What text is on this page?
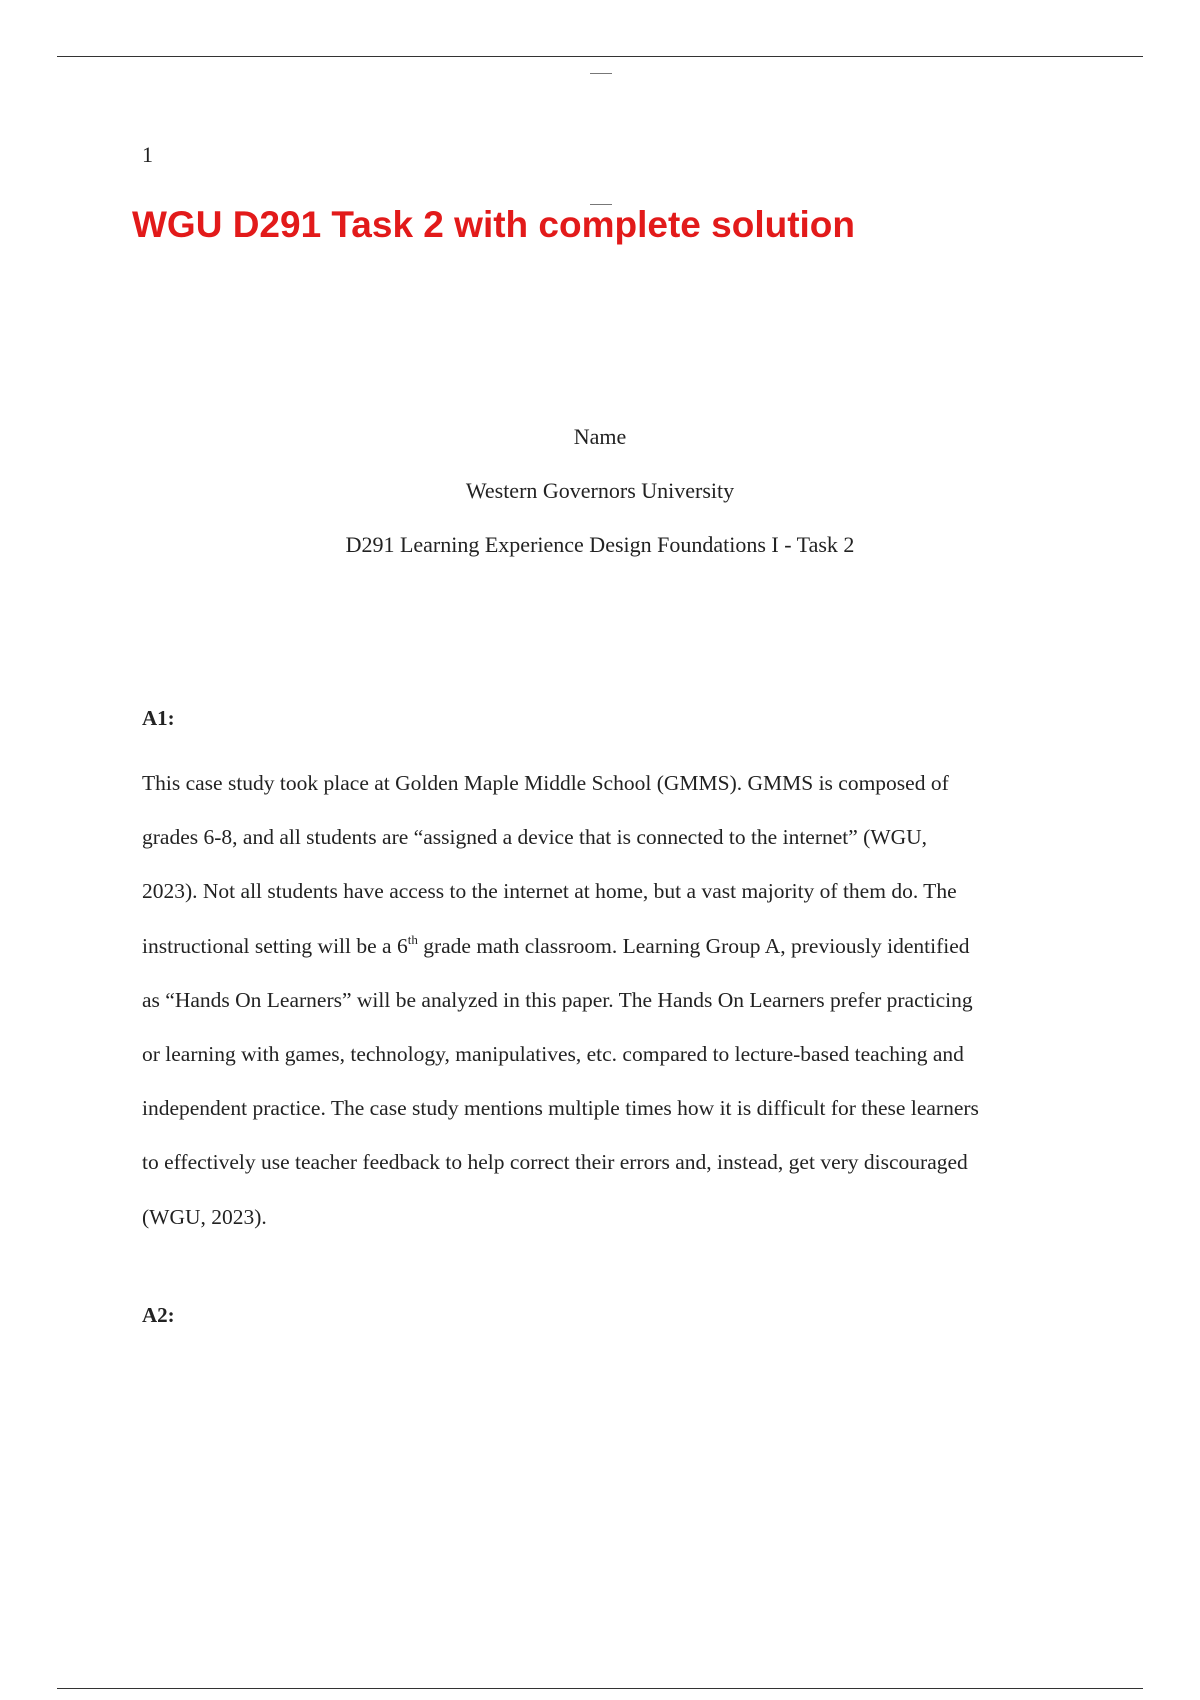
1
WGU D291 Task 2 with complete solution
Name
Western Governors University
D291 Learning Experience Design Foundations I - Task 2
A1:
This case study took place at Golden Maple Middle School (GMMS). GMMS is composed of
grades 6-8, and all students are “assigned a device that is connected to the internet” (WGU,
2023). Not all students have access to the internet at home, but a vast majority of them do. The
instructional setting will be a 6th grade math classroom. Learning Group A, previously identified
as “Hands On Learners” will be analyzed in this paper. The Hands On Learners prefer practicing
or learning with games, technology, manipulatives, etc. compared to lecture-based teaching and
independent practice. The case study mentions multiple times how it is difficult for these learners
to effectively use teacher feedback to help correct their errors and, instead, get very discouraged
(WGU, 2023).
A2:
